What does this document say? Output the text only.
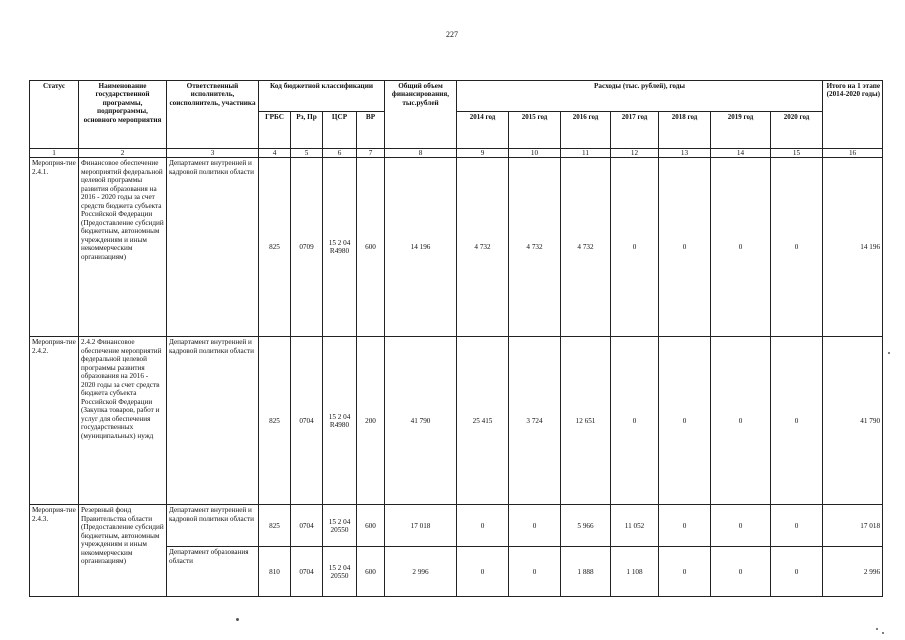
227
Статус	Наименование государственной программы, подпрограммы, основного мероприятия	Ответственный исполнитель, соисполнитель, участника	Код бюджетной классификации				Общий объем финансирования, тыс.рублей	Расходы (тыс. рублей), годы							Итого на 1 этапе (2014-2020 годы)
			ГРБС	Рз, Пр	ЦСР	ВР		2014 год	2015 год	2016 год	2017 год	2018 год	2019 год	2020 год	
1	2	3	4	5	6	7	8	9	10	11	12	13	14	15	16
Мероприя-тие 2.4.1.	Финансовое обеспечение мероприятий федеральной целевой программы развития образования на 2016 - 2020 годы за счет средств бюджета субъекта Российской Федерации (Предоставление субсидий бюджетным, автономным учреждениям и иным некоммерческим организациям)	Департамент внутренней и кадровой политики области	825	0709	15 2 04 R4980	600	14 196	4 732	4 732	4 732	0	0	0	0	14 196
Мероприя-тие 2.4.2.	2.4.2 Финансовое обеспечение мероприятий федеральной целевой программы развития образования на 2016 - 2020 годы за счет средств бюджета субъекта Российской Федерации (Закупка товаров, работ и услуг для обеспечения государственных (муниципальных) нужд	Департамент внутренней и кадровой политики области	825	0704	15 2 04 R4980	200	41 790	25 415	3 724	12 651	0	0	0	0	41 790
Мероприя-тие 2.4.3.	Резервный фонд Правительства области (Предоставление субсидий бюджетным, автономным учреждениям и иным некоммерческим организациям)	Департамент внутренней и кадровой политики области	825	0704	15 2 04 20550	600	17 018	0	0	5 966	11 052	0	0	0	17 018
		Департамент образования области	810	0704	15 2 04 20550	600	2 996	0	0	1 888	1 108	0	0	0	2 996
